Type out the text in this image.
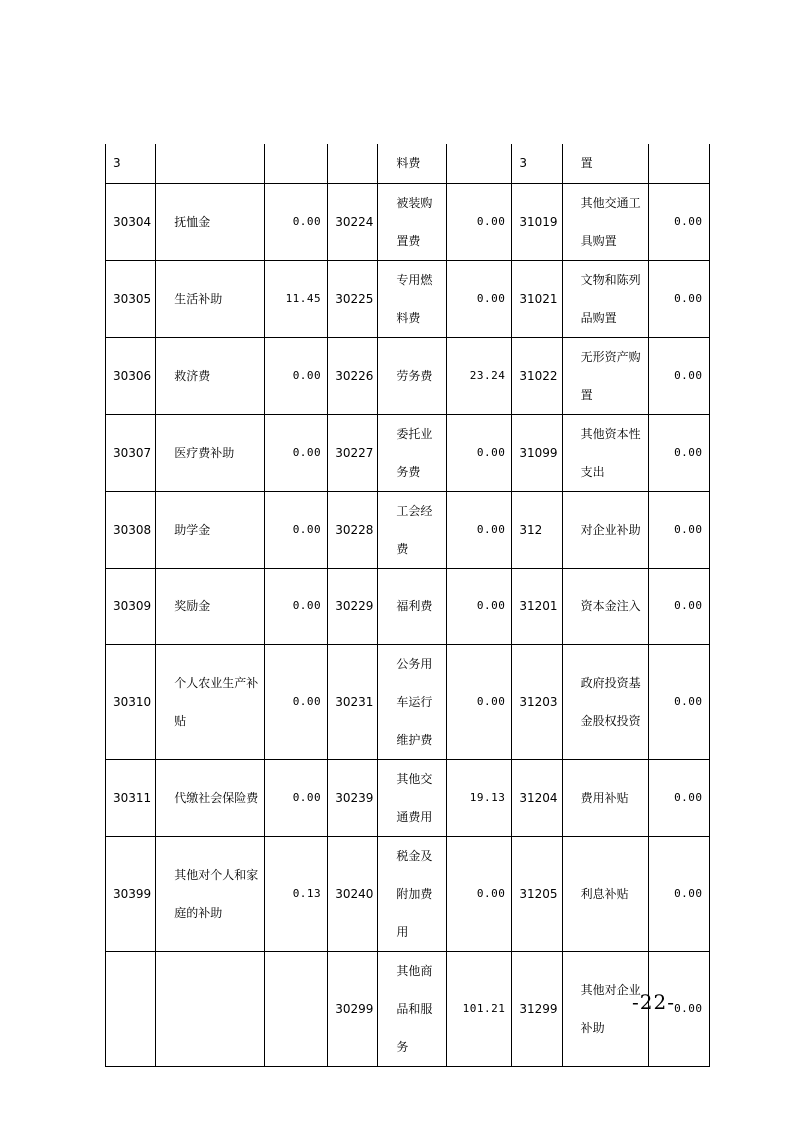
3				料费		3	置	
30304	抚恤金	0.00	30224	被装购置费	0.00	31019	其他交通工具购置	0.00
30305	生活补助	11.45	30225	专用燃料费	0.00	31021	文物和陈列品购置	0.00
30306	救济费	0.00	30226	劳务费	23.24	31022	无形资产购置	0.00
30307	医疗费补助	0.00	30227	委托业务费	0.00	31099	其他资本性支出	0.00
30308	助学金	0.00	30228	工会经费	0.00	312	对企业补助	0.00
30309	奖励金	0.00	30229	福利费	0.00	31201	资本金注入	0.00
30310	个人农业生产补贴	0.00	30231	公务用车运行维护费	0.00	31203	政府投资基金股权投资	0.00
30311	代缴社会保险费	0.00	30239	其他交通费用	19.13	31204	费用补贴	0.00
30399	其他对个人和家庭的补助	0.13	30240	税金及附加费用	0.00	31205	利息补贴	0.00
			30299	其他商品和服务	101.21	31299	其他对企业补助	0.00
-22-
